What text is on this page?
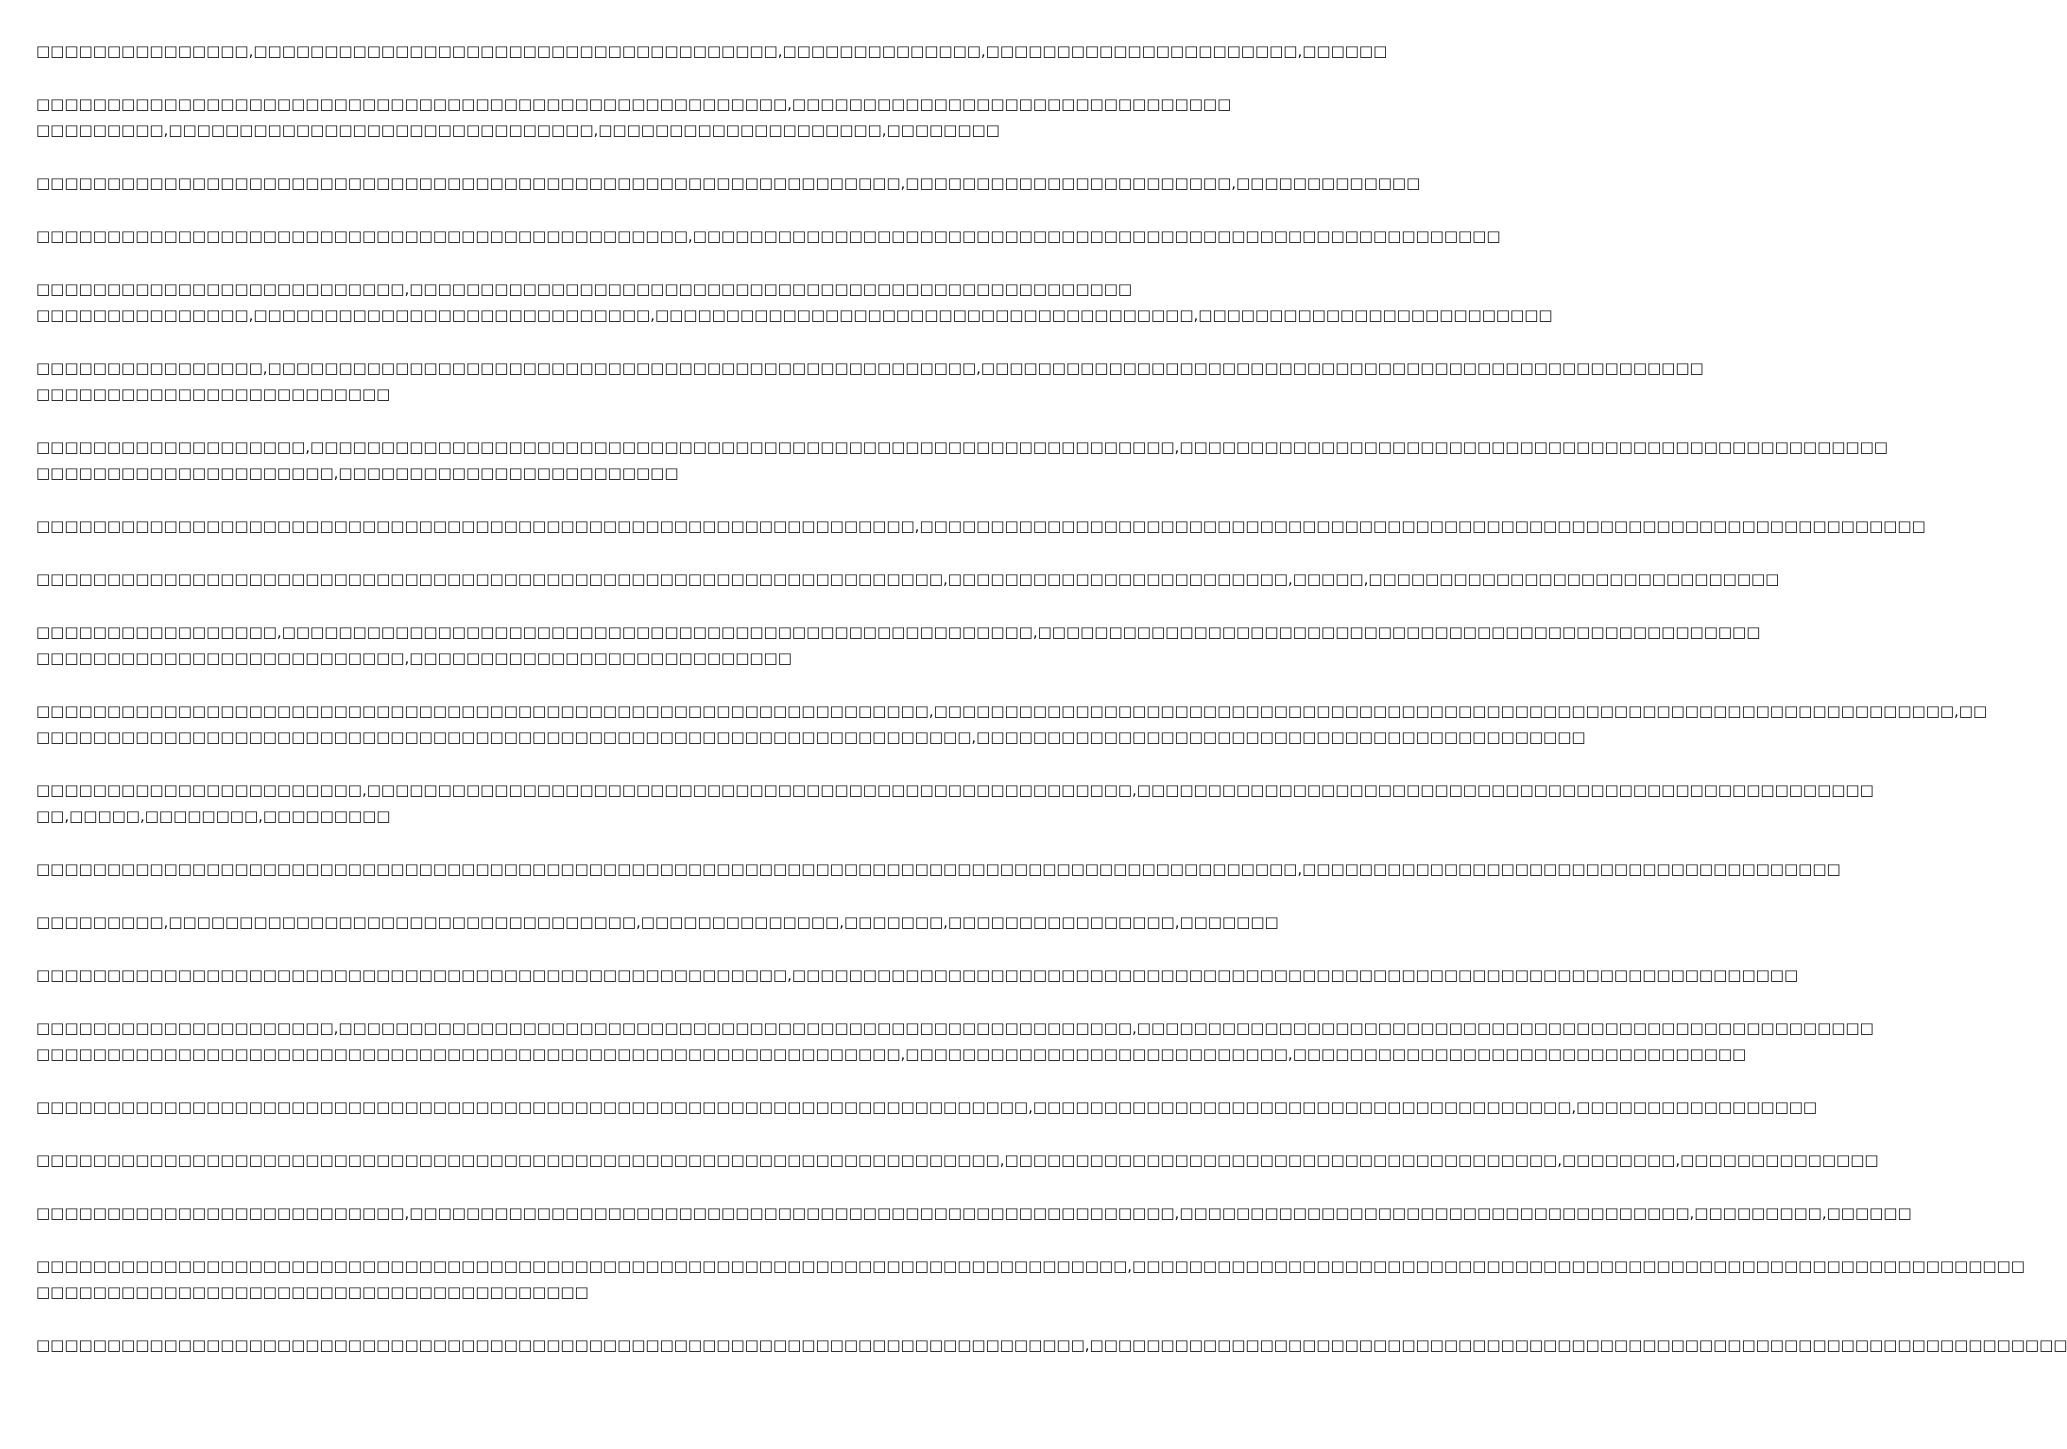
□□□□□□□□□□□□□□□,□□□□□□□□□□□□□□□□□□□□□□□□□□□□□□□□□□□□□,□□□□□□□□□□□□□□,□□□□□□□□□□□□□□□□□□□□□□,□□□□□□
□□□□□□□□□□□□□□□□□□□□□□□□□□□□□□□□□□□□□□□□□□□□□□□□□□□□□,□□□□□□□□□□□□□□□□□□□□□□□□□□□□□□□
□□□□□□□□□,□□□□□□□□□□□□□□□□□□□□□□□□□□□□□□,□□□□□□□□□□□□□□□□□□□□,□□□□□□□□
□□□□□□□□□□□□□□□□□□□□□□□□□□□□□□□□□□□□□□□□□□□□□□□□□□□□□□□□□□□□□,□□□□□□□□□□□□□□□□□□□□□□□,□□□□□□□□□□□□□
□□□□□□□□□□□□□□□□□□□□□□□□□□□□□□□□□□□□□□□□□□□□□□,□□□□□□□□□□□□□□□□□□□□□□□□□□□□□□□□□□□□□□□□□□□□□□□□□□□□□□□□□
□□□□□□□□□□□□□□□□□□□□□□□□□□,□□□□□□□□□□□□□□□□□□□□□□□□□□□□□□□□□□□□□□□□□□□□□□□□□□□
□□□□□□□□□□□□□□□,□□□□□□□□□□□□□□□□□□□□□□□□□□□□,□□□□□□□□□□□□□□□□□□□□□□□□□□□□□□□□□□□□□□,□□□□□□□□□□□□□□□□□□□□□□□□□
□□□□□□□□□□□□□□□□,□□□□□□□□□□□□□□□□□□□□□□□□□□□□□□□□□□□□□□□□□□□□□□□□□□,□□□□□□□□□□□□□□□□□□□□□□□□□□□□□□□□□□□□□□□□□□□□□□□□□□□
□□□□□□□□□□□□□□□□□□□□□□□□□
□□□□□□□□□□□□□□□□□□□,□□□□□□□□□□□□□□□□□□□□□□□□□□□□□□□□□□□□□□□□□□□□□□□□□□□□□□□□□□□□□,□□□□□□□□□□□□□□□□□□□□□□□□□□□□□□□□□□□□□□□□□□□□□□□□□□
□□□□□□□□□□□□□□□□□□□□□,□□□□□□□□□□□□□□□□□□□□□□□□
□□□□□□□□□□□□□□□□□□□□□□□□□□□□□□□□□□□□□□□□□□□□□□□□□□□□□□□□□□□□□□,□□□□□□□□□□□□□□□□□□□□□□□□□□□□□□□□□□□□□□□□□□□□□□□□□□□□□□□□□□□□□□□□□□□□□□□
□□□□□□□□□□□□□□□□□□□□□□□□□□□□□□□□□□□□□□□□□□□□□□□□□□□□□□□□□□□□□□□□,□□□□□□□□□□□□□□□□□□□□□□□□,□□□□□,□□□□□□□□□□□□□□□□□□□□□□□□□□□□□
□□□□□□□□□□□□□□□□□,□□□□□□□□□□□□□□□□□□□□□□□□□□□□□□□□□□□□□□□□□□□□□□□□□□□□□,□□□□□□□□□□□□□□□□□□□□□□□□□□□□□□□□□□□□□□□□□□□□□□□□□□□
□□□□□□□□□□□□□□□□□□□□□□□□□□,□□□□□□□□□□□□□□□□□□□□□□□□□□□
□□□□□□□□□□□□□□□□□□□□□□□□□□□□□□□□□□□□□□□□□□□□□□□□□□□□□□□□□□□□□□□,□□□□□□□□□□□□□□□□□□□□□□□□□□□□□□□□□□□□□□□□□□□□□□□□□□□□□□□□□□□□□□□□□□□□□□□□,□□
□□□□□□□□□□□□□□□□□□□□□□□□□□□□□□□□□□□□□□□□□□□□□□□□□□□□□□□□□□□□□□□□□□,□□□□□□□□□□□□□□□□□□□□□□□□□□□□□□□□□□□□□□□□□□□
□□□□□□□□□□□□□□□□□□□□□□□,□□□□□□□□□□□□□□□□□□□□□□□□□□□□□□□□□□□□□□□□□□□□□□□□□□□□□□,□□□□□□□□□□□□□□□□□□□□□□□□□□□□□□□□□□□□□□□□□□□□□□□□□□□□
□□,□□□□□,□□□□□□□□,□□□□□□□□□
□□□□□□□□□□□□□□□□□□□□□□□□□□□□□□□□□□□□□□□□□□□□□□□□□□□□□□□□□□□□□□□□□□□□□□□□□□□□□□□□□□□□□□□□□,□□□□□□□□□□□□□□□□□□□□□□□□□□□□□□□□□□□□□□
□□□□□□□□□,□□□□□□□□□□□□□□□□□□□□□□□□□□□□□□□□□,□□□□□□□□□□□□□□,□□□□□□□,□□□□□□□□□□□□□□□□,□□□□□□□
□□□□□□□□□□□□□□□□□□□□□□□□□□□□□□□□□□□□□□□□□□□□□□□□□□□□□,□□□□□□□□□□□□□□□□□□□□□□□□□□□□□□□□□□□□□□□□□□□□□□□□□□□□□□□□□□□□□□□□□□□□□□□
□□□□□□□□□□□□□□□□□□□□□,□□□□□□□□□□□□□□□□□□□□□□□□□□□□□□□□□□□□□□□□□□□□□□□□□□□□□□□□,□□□□□□□□□□□□□□□□□□□□□□□□□□□□□□□□□□□□□□□□□□□□□□□□□□□□
□□□□□□□□□□□□□□□□□□□□□□□□□□□□□□□□□□□□□□□□□□□□□□□□□□□□□□□□□□□□□,□□□□□□□□□□□□□□□□□□□□□□□□□□□,□□□□□□□□□□□□□□□□□□□□□□□□□□□□□□□□
□□□□□□□□□□□□□□□□□□□□□□□□□□□□□□□□□□□□□□□□□□□□□□□□□□□□□□□□□□□□□□□□□□□□□□,□□□□□□□□□□□□□□□□□□□□□□□□□□□□□□□□□□□□□□,□□□□□□□□□□□□□□□□□
□□□□□□□□□□□□□□□□□□□□□□□□□□□□□□□□□□□□□□□□□□□□□□□□□□□□□□□□□□□□□□□□□□□□,□□□□□□□□□□□□□□□□□□□□□□□□□□□□□□□□□□□□□□□,□□□□□□□□,□□□□□□□□□□□□□□
□□□□□□□□□□□□□□□□□□□□□□□□□□,□□□□□□□□□□□□□□□□□□□□□□□□□□□□□□□□□□□□□□□□□□□□□□□□□□□□□□,□□□□□□□□□□□□□□□□□□□□□□□□□□□□□□□□□□□□,□□□□□□□□□,□□□□□□
□□□□□□□□□□□□□□□□□□□□□□□□□□□□□□□□□□□□□□□□□□□□□□□□□□□□□□□□□□□□□□□□□□□□□□□□□□□□□,□□□□□□□□□□□□□□□□□□□□□□□□□□□□□□□□□□□□□□□□□□□□□□□□□□□□□□□□□□□□□□□
□□□□□□□□□□□□□□□□□□□□□□□□□□□□□□□□□□□□□□□
□□□□□□□□□□□□□□□□□□□□□□□□□□□□□□□□□□□□□□□□□□□□□□□□□□□□□□□□□□□□□□□□□□□□□□□□□□,□□□□□□□□□□□□□□□□□□□□□□□□□□□□□□□□□□□□□□□□□□□□□□□□□□□□□□□□□□□□□□□□□□□□□
